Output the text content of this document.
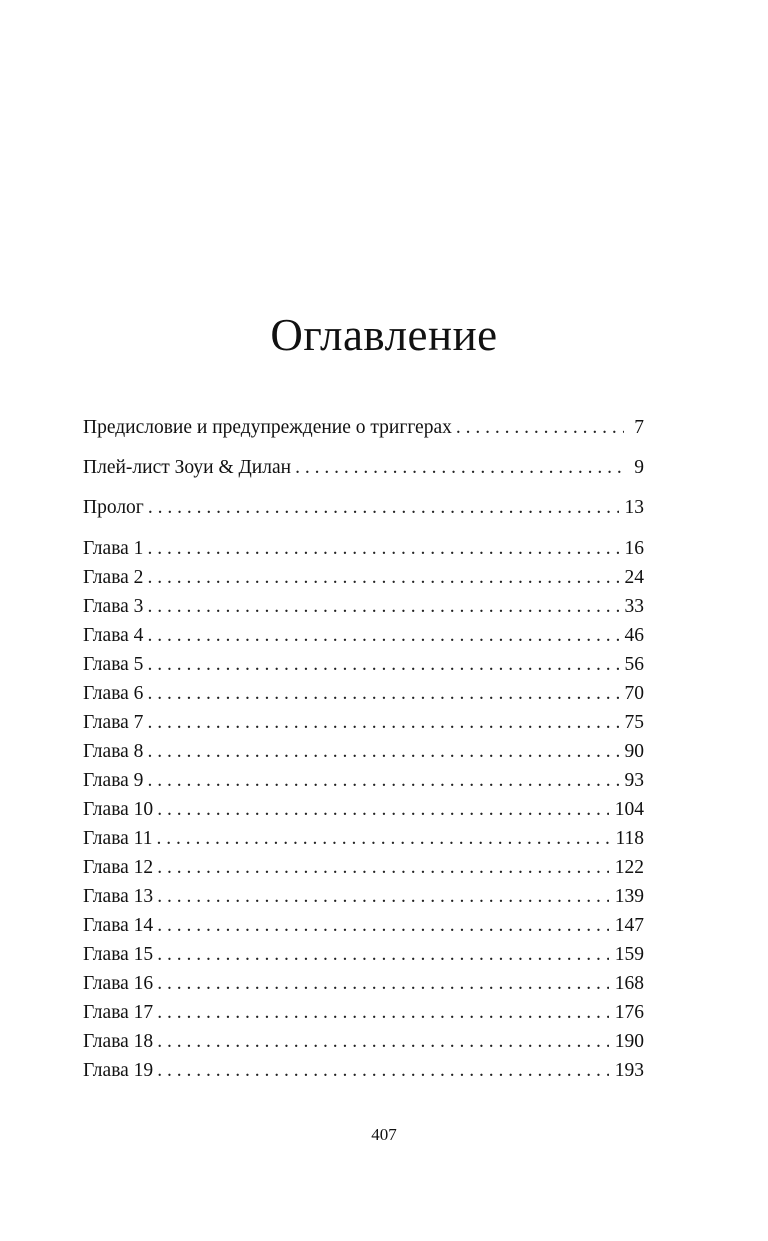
Оглавление
Предисловие и предупреждение о триггерах . . .	7
Плей-лист Зоуи & Дилан . . .	9
Пролог . . .	13
Глава 1 . . .	16
Глава 2 . . .	24
Глава 3 . . .	33
Глава 4 . . .	46
Глава 5 . . .	56
Глава 6 . . .	70
Глава 7 . . .	75
Глава 8 . . .	90
Глава 9 . . .	93
Глава 10 . . .	104
Глава 11 . . .	118
Глава 12 . . .	122
Глава 13 . . .	139
Глава 14 . . .	147
Глава 15 . . .	159
Глава 16 . . .	168
Глава 17 . . .	176
Глава 18 . . .	190
Глава 19 . . .	193
407
